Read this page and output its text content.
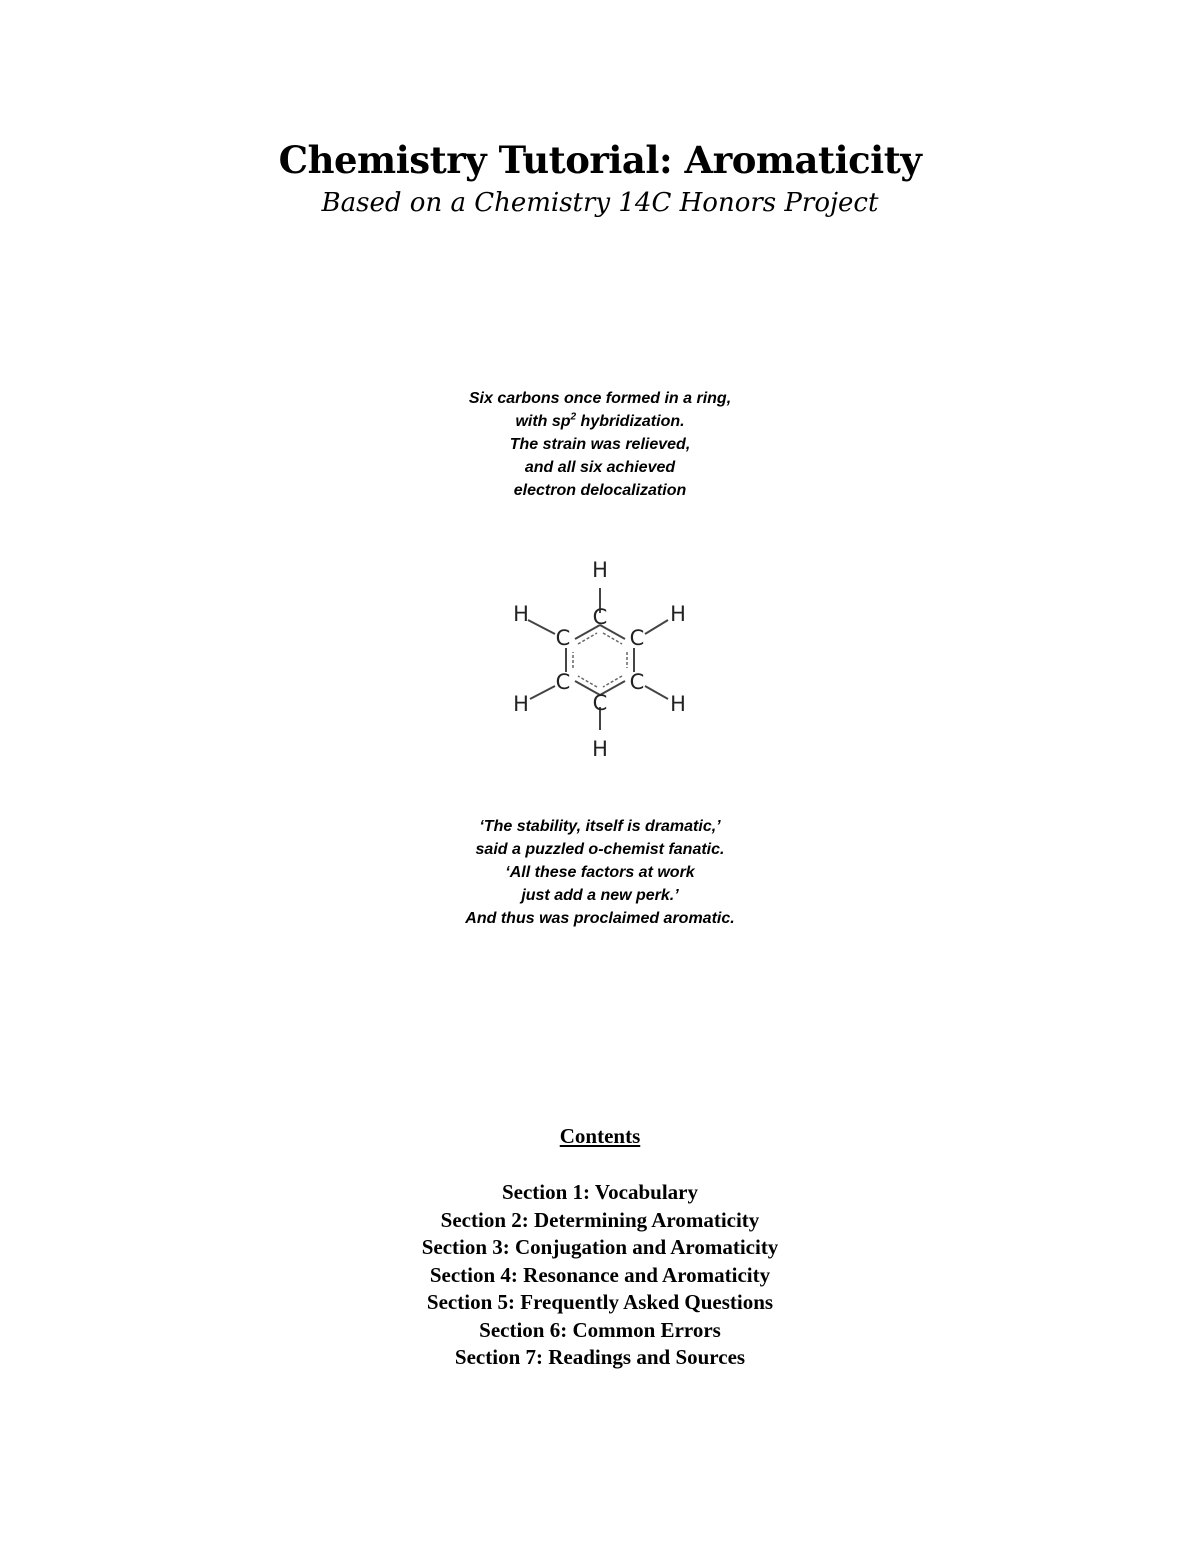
Chemistry Tutorial: Aromaticity
Based on a Chemistry 14C Honors Project
Six carbons once formed in a ring,
with $sp^2$ hybridization.
The strain was relieved,
and all six achieved
electron delocalization
C
C
C
C
C
C
H
H
H
H
H
H
‘The stability, itself is dramatic,’
said a puzzled o-chemist fanatic.
‘All these factors at work
just add a new perk.’
And thus was proclaimed aromatic.
Contents
Section 1: Vocabulary
Section 2: Determining Aromaticity
Section 3: Conjugation and Aromaticity
Section 4: Resonance and Aromaticity
Section 5: Frequently Asked Questions
Section 6: Common Errors
Section 7: Readings and Sources
